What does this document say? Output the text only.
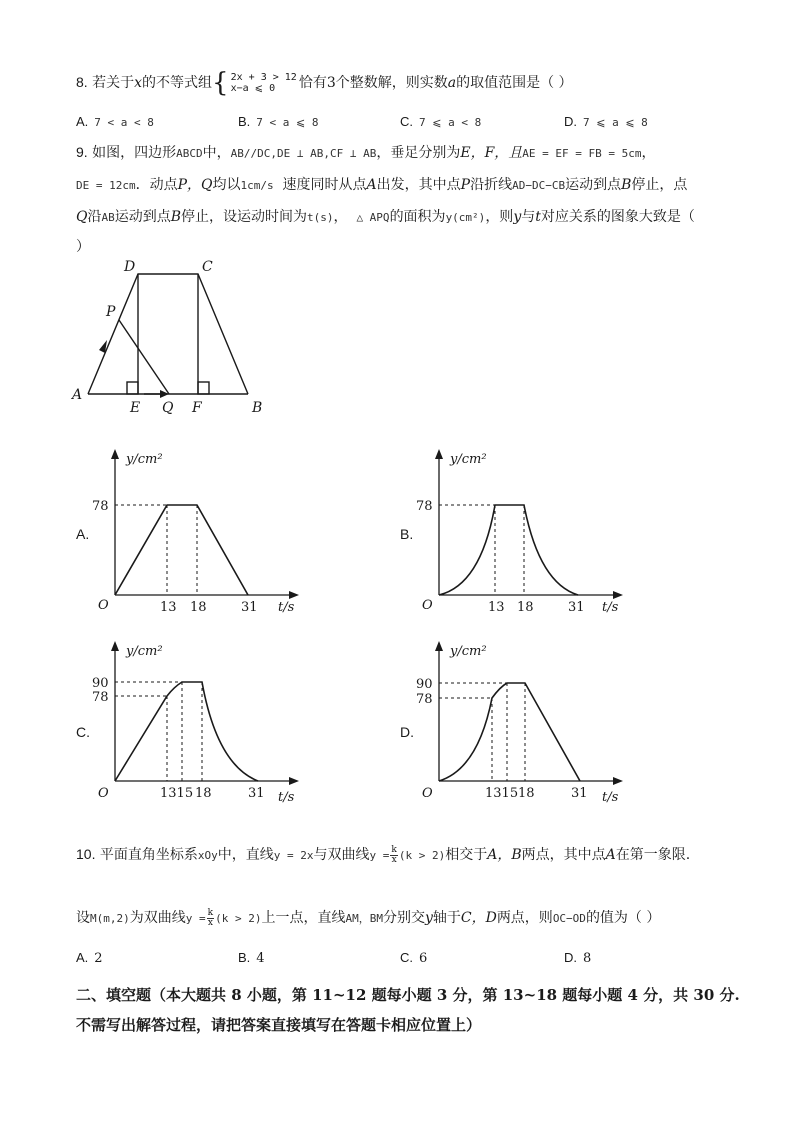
8. 若关于x的不等式组{ 2x + 3 > 12
x−a ⩽ 0 恰有3个整数解，则实数a的取值范围是（ ）
A. 7 < a < 8	B. 7 < a ⩽ 8	C. 7 ⩽ a < 8	D. 7 ⩽ a ⩽ 8
9. 如图，四边形ABCD中，AB//DC,DE ⊥ AB,CF ⊥ AB，垂足分别为E，F，且AE = EF = FB = 5cm，
DE = 12cm．动点P，Q均以1cm/s 速度同时从点A出发，其中点P沿折线AD−DC−CB运动到点B停止，点
Q沿AB运动到点B停止，设运动时间为t(s)， △ APQ的面积为y(cm²)，则y与t对应关系的图象大致是（
）
A
B
C
D
E	F
P
Q
A.
y/cm²
t/s
O
78
13 18	31
B.
y/cm²
t/s
O
78
13 18	31
C.
y/cm²
t/s
O
90
78
1315 18	31
D.
y/cm²
t/s
O
90
78
1315 18	31
10. 平面直角坐标系xOy中，直线y = 2x与双曲线$y = \frac{k}{x} (k > 2)$相交于A，B两点，其中点A在第一象限.
设M(m,2)为双曲线$y = \frac{k}{x} (k > 2)$上一点，直线AM，BM分别交y轴于C，D两点，则OC−OD的值为（ ）
A. 2	B. 4	C. 6	D. 8
二、填空题（本大题共 8 小题，第 11~12 题每小题 3 分，第 13~18 题每小题 4 分，共 30 分.
不需写出解答过程，请把答案直接填写在答题卡相应位置上）
